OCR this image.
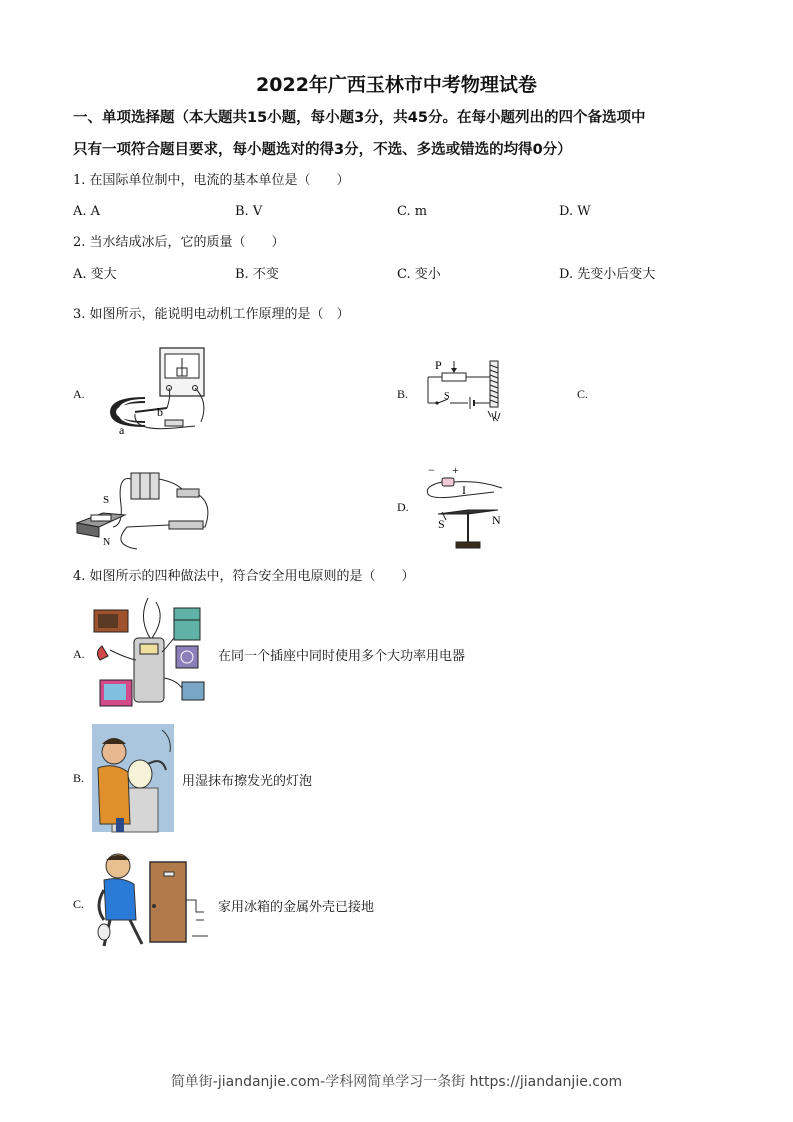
2022年广西玉林市中考物理试卷
一、单项选择题（本大题共15小题，每小题3分，共45分。在每小题列出的四个备选项中
只有一项符合题目要求，每小题选对的得3分，不选、多选或错选的均得0分）
1. 在国际单位制中，电流的基本单位是（　　）
A. A	B. V	C. m	D. W
2. 当水结成冰后，它的质量（　　）
A. 变大	B. 不变	C. 变小	D. 先变小后变大
3. 如图所示，能说明电动机工作原理的是（　）
A.	B.	C.
D.
b
a
P
S
S
N
− +
I
S	N
4. 如图所示的四种做法中，符合安全用电原则的是（　　）
A.	在同一个插座中同时使用多个大功率用电器
B.	用湿抹布擦发光的灯泡
C.	家用冰箱的金属外壳已接地
简单街-jiandanjie.com-学科网简单学习一条街 https://jiandanjie.com
